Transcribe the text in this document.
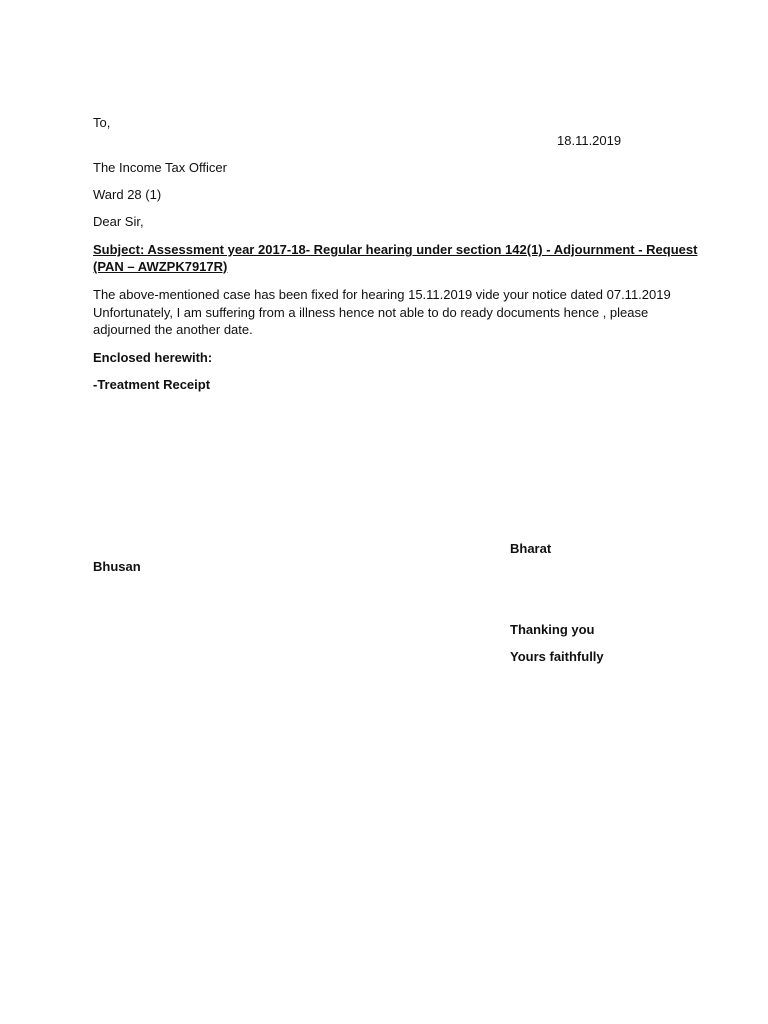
To,
18.11.2019
The Income Tax Officer
Ward 28 (1)
Dear Sir,
Subject: Assessment year 2017-18- Regular hearing under section 142(1) - Adjournment - Request
(PAN – AWZPK7917R)
The above-mentioned case has been fixed for hearing 15.11.2019 vide your notice dated 07.11.2019
Unfortunately, I am suffering from a illness hence not able to do ready documents hence , please
adjourned the another date.
Enclosed herewith:
-Treatment Receipt
Bharat
Bhusan
Thanking you
Yours faithfully
